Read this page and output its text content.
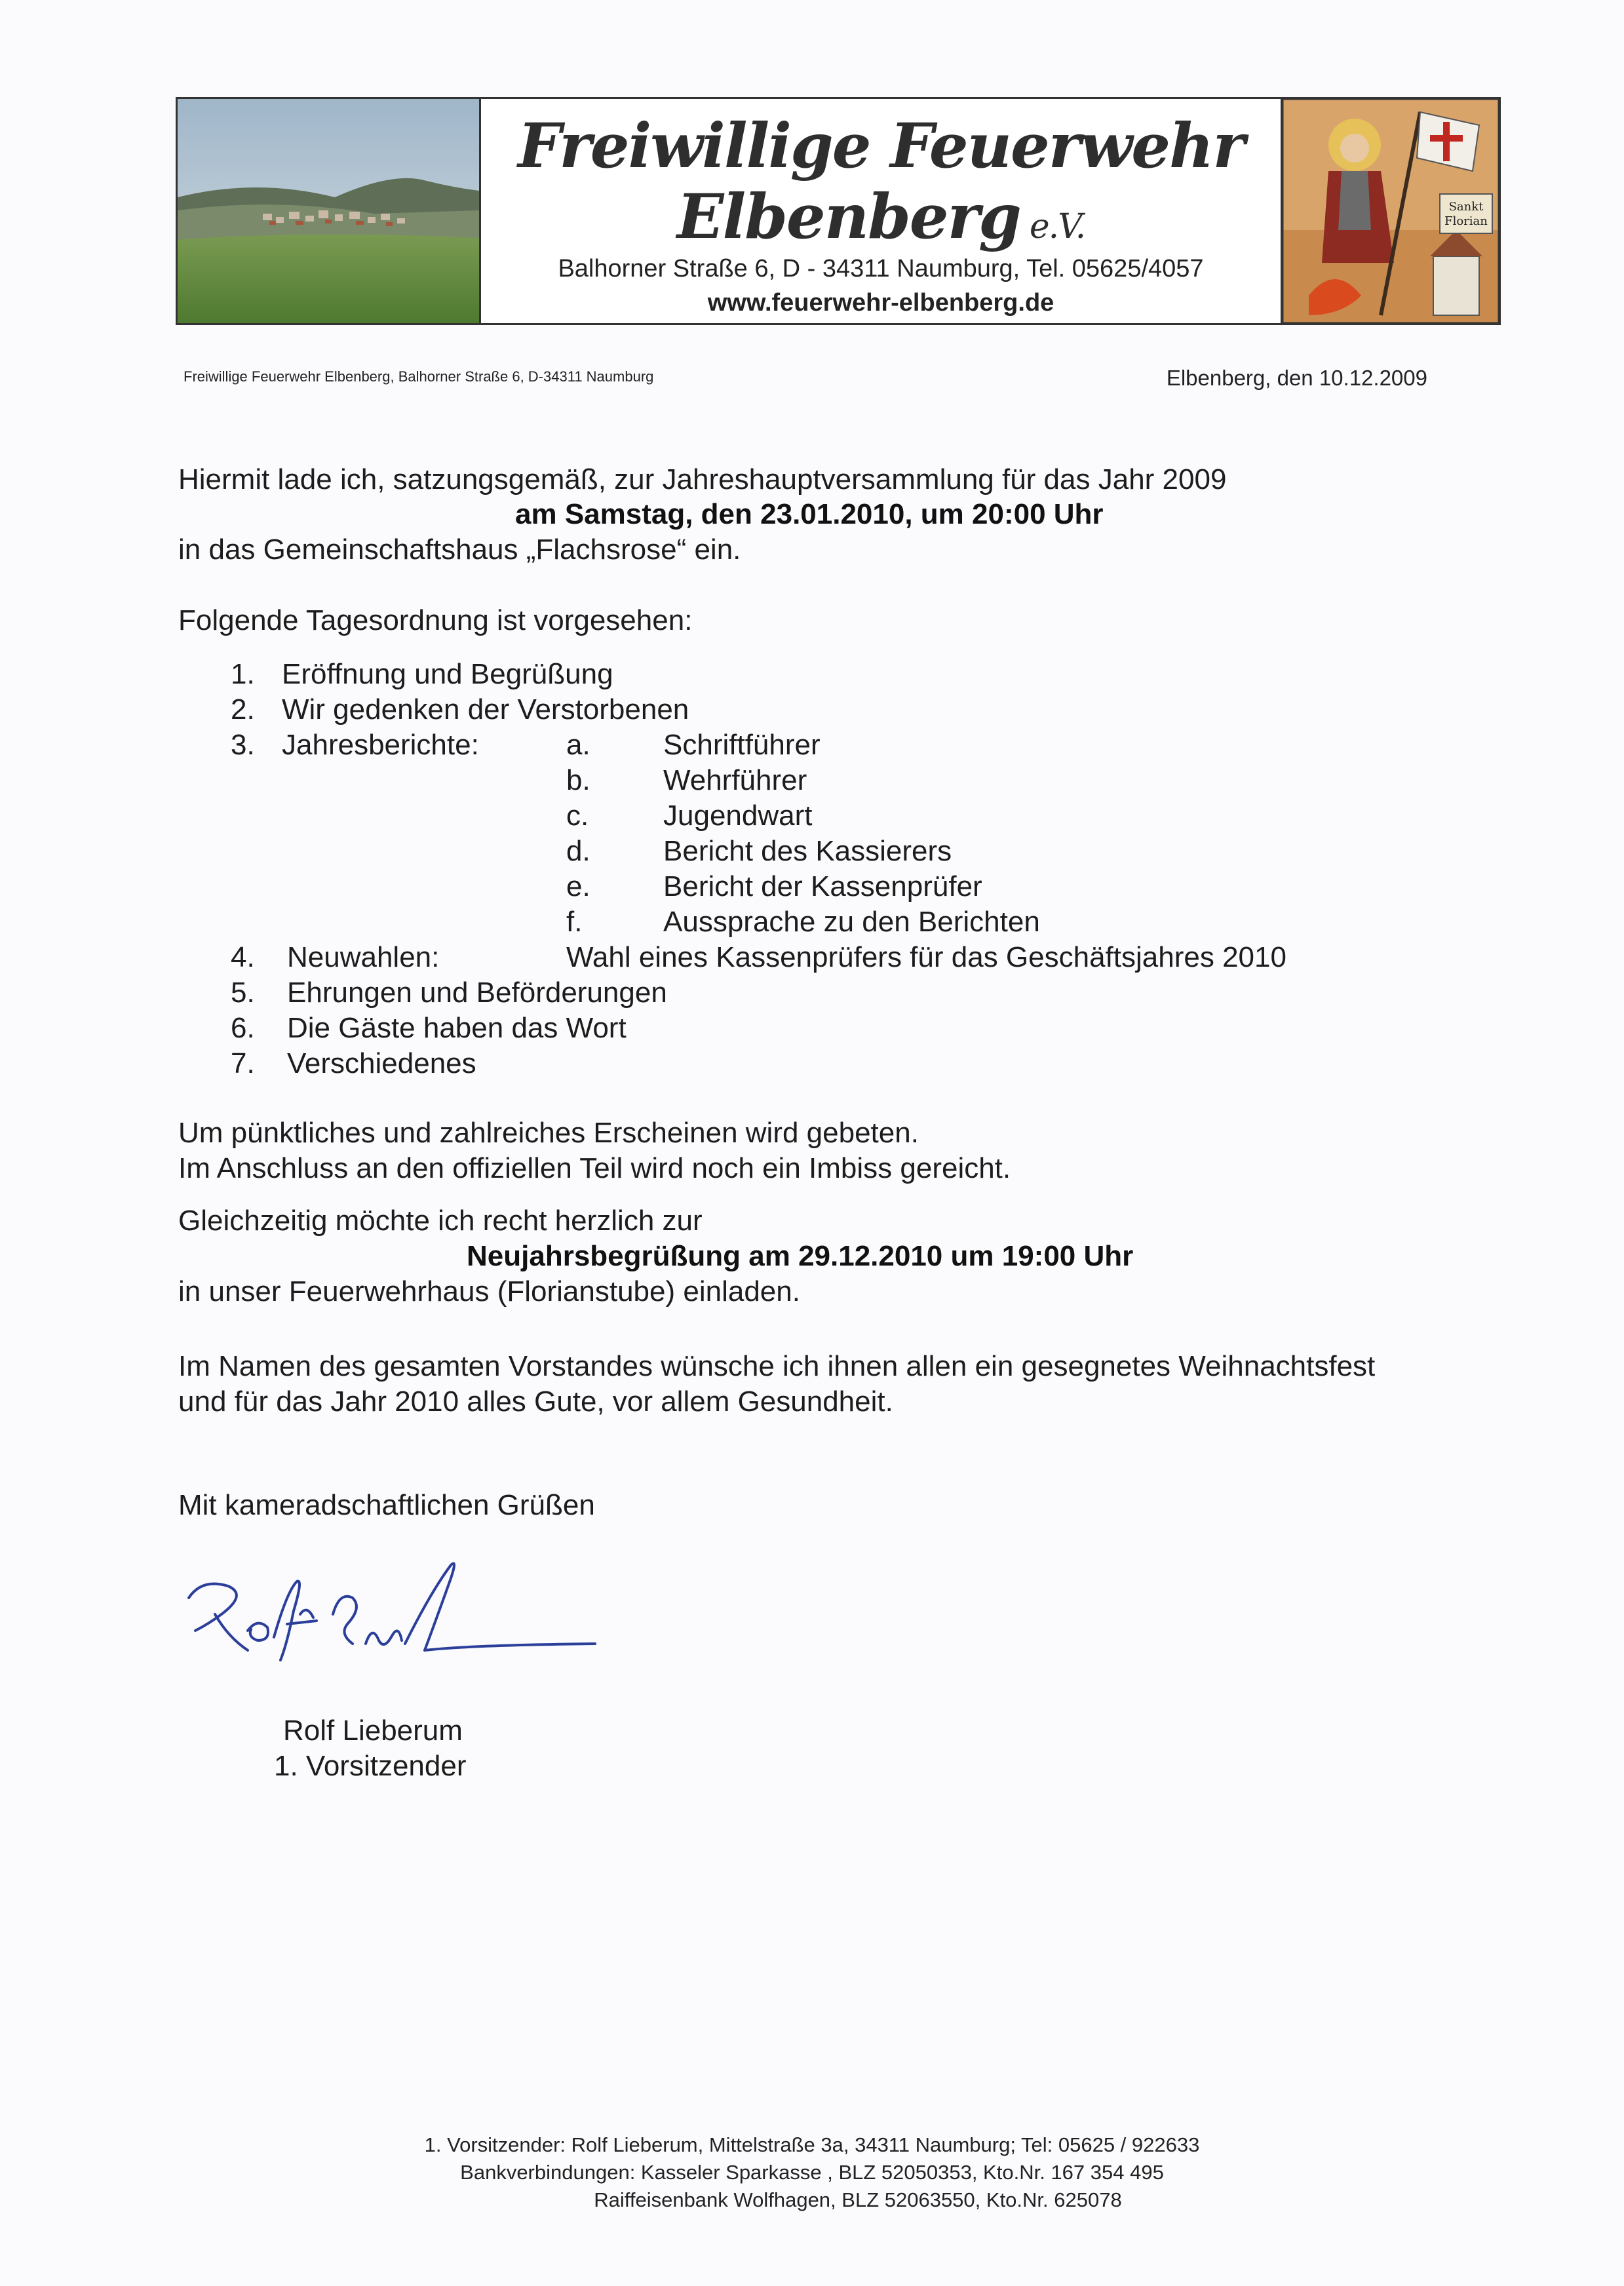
Freiwillige Feuerwehr
Elbenberg e.V.
Balhorner Straße 6, D - 34311 Naumburg, Tel. 05625/4057
www.feuerwehr-elbenberg.de
Sankt
Florian
Freiwillige Feuerwehr Elbenberg, Balhorner Straße 6, D-34311 Naumburg	Elbenberg, den 10.12.2009
Hiermit lade ich, satzungsgemäß, zur Jahreshauptversammlung für das Jahr 2009
am Samstag, den 23.01.2010, um 20:00 Uhr
in das Gemeinschaftshaus „Flachsrose“ ein.
Folgende Tagesordnung ist vorgesehen:
1. Eröffnung und Begrüßung
2. Wir gedenken der Verstorbenen
3. Jahresberichte:	a.	Schriftführer
b.	Wehrführer
c.	Jugendwart
d.	Bericht des Kassierers
e.	Bericht der Kassenprüfer
f.	Aussprache zu den Berichten
4. Neuwahlen:	Wahl eines Kassenprüfers für das Geschäftsjahres 2010
5. Ehrungen und Beförderungen
6. Die Gäste haben das Wort
7. Verschiedenes
Um pünktliches und zahlreiches Erscheinen wird gebeten.
Im Anschluss an den offiziellen Teil wird noch ein Imbiss gereicht.
Gleichzeitig möchte ich recht herzlich zur
Neujahrsbegrüßung am 29.12.2010 um 19:00 Uhr
in unser Feuerwehrhaus (Florianstube) einladen.
Im Namen des gesamten Vorstandes wünsche ich ihnen allen ein gesegnetes Weihnachtsfest
und für das Jahr 2010 alles Gute, vor allem Gesundheit.
Mit kameradschaftlichen Grüßen
Rolf Lieberum
1. Vorsitzender
1. Vorsitzender: Rolf Lieberum, Mittelstraße 3a, 34311 Naumburg; Tel: 05625 / 922633
Bankverbindungen: Kasseler Sparkasse , BLZ 52050353, Kto.Nr. 167 354 495
Raiffeisenbank Wolfhagen, BLZ 52063550, Kto.Nr. 625078
